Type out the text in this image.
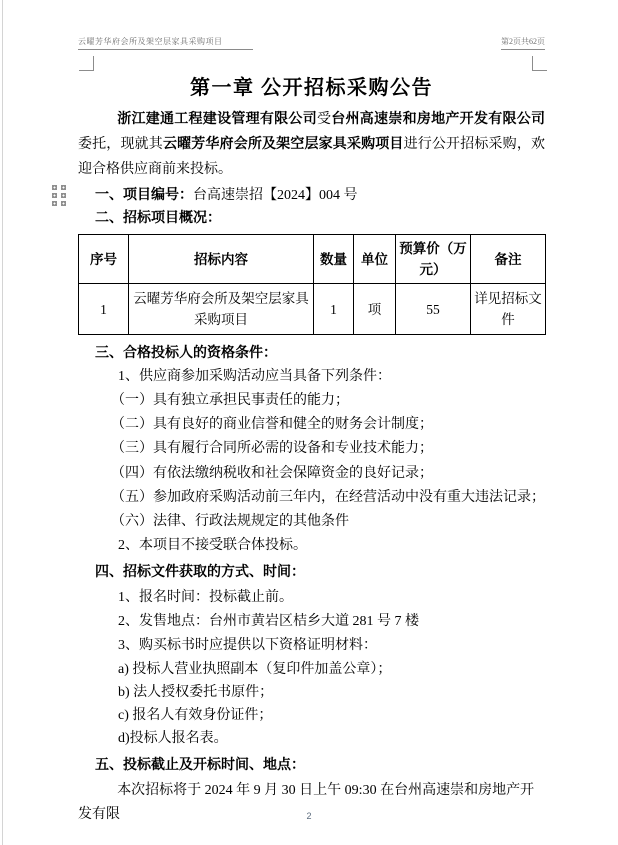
云曜芳华府会所及架空层家具采购项目	第2页共62页
第一章 公开招标采购公告

浙江建通工程建设管理有限公司受台州高速崇和房地产开发有限公司委托，现就其云曜芳华府会所及架空层家具采购项目进行公开招标采购，欢迎合格供应商前来投标。

一、项目编号：台高速崇招【2024】004 号
二、招标项目概况：
序号	招标内容	数量	单位	预算价（万元）	备注
1	云曜芳华府会所及架空层家具采购项目	1	项	55	详见招标文件
三、合格投标人的资格条件：
1、供应商参加采购活动应当具备下列条件：
（一）具有独立承担民事责任的能力；
（二）具有良好的商业信誉和健全的财务会计制度；
（三）具有履行合同所必需的设备和专业技术能力；
（四）有依法缴纳税收和社会保障资金的良好记录；
（五）参加政府采购活动前三年内，在经营活动中没有重大违法记录；
（六）法律、行政法规规定的其他条件
2、本项目不接受联合体投标。
四、招标文件获取的方式、时间：
1、报名时间：投标截止前。
2、发售地点：台州市黄岩区桔乡大道 281 号 7 楼
3、购买标书时应提供以下资格证明材料：
a) 投标人营业执照副本（复印件加盖公章）；
b) 法人授权委托书原件；
c) 报名人有效身份证件；
d)投标人报名表。
五、投标截止及开标时间、地点：

本次招标将于 2024 年 9 月 30 日上午 09:30 在台州高速崇和房地产开发有限	2
